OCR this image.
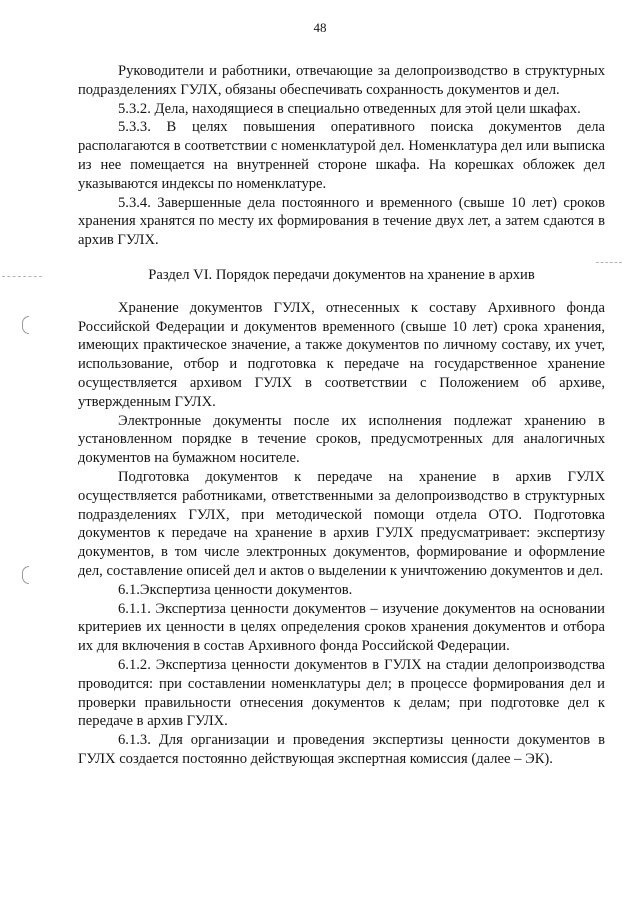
48

Руководители и работники, отвечающие за делопроизводство в структурных подразделениях ГУЛХ, обязаны обеспечивать сохранность документов и дел.

5.3.2. Дела, находящиеся в специально отведенных для этой цели шкафах.

5.3.3. В целях повышения оперативного поиска документов дела располагаются в соответствии с номенклатурой дел. Номенклатура дел или выписка из нее помещается на внутренней стороне шкафа. На корешках обложек дел указываются индексы по номенклатуре.

5.3.4. Завершенные дела постоянного и временного (свыше 10 лет) сроков хранения хранятся по месту их формирования в течение двух лет, а затем сдаются в архив ГУЛХ.

Раздел VI. Порядок передачи документов на хранение в архив

Хранение документов ГУЛХ, отнесенных к составу Архивного фонда Российской Федерации и документов временного (свыше 10 лет) срока хранения, имеющих практическое значение, а также документов по личному составу, их учет, использование, отбор и подготовка к передаче на государственное хранение осуществляется архивом ГУЛХ в соответствии с Положением об архиве, утвержденным ГУЛХ.

Электронные документы после их исполнения подлежат хранению в установленном порядке в течение сроков, предусмотренных для аналогичных документов на бумажном носителе.

Подготовка документов к передаче на хранение в архив ГУЛХ осуществляется работниками, ответственными за делопроизводство в структурных подразделениях ГУЛХ, при методической помощи отдела ОТО. Подготовка документов к передаче на хранение в архив ГУЛХ предусматривает: экспертизу документов, в том числе электронных документов, формирование и оформление дел, составление описей дел и актов о выделении к уничтожению документов и дел.

6.1.Экспертиза ценности документов.

6.1.1. Экспертиза ценности документов – изучение документов на основании критериев их ценности в целях определения сроков хранения документов и отбора их для включения в состав Архивного фонда Российской Федерации.

6.1.2. Экспертиза ценности документов в ГУЛХ на стадии делопроизводства проводится: при составлении номенклатуры дел; в процессе формирования дел и проверки правильности отнесения документов к делам; при подготовке дел к передаче в архив ГУЛХ.

6.1.3. Для организации и проведения экспертизы ценности документов в ГУЛХ создается постоянно действующая экспертная комиссия (далее – ЭК).
